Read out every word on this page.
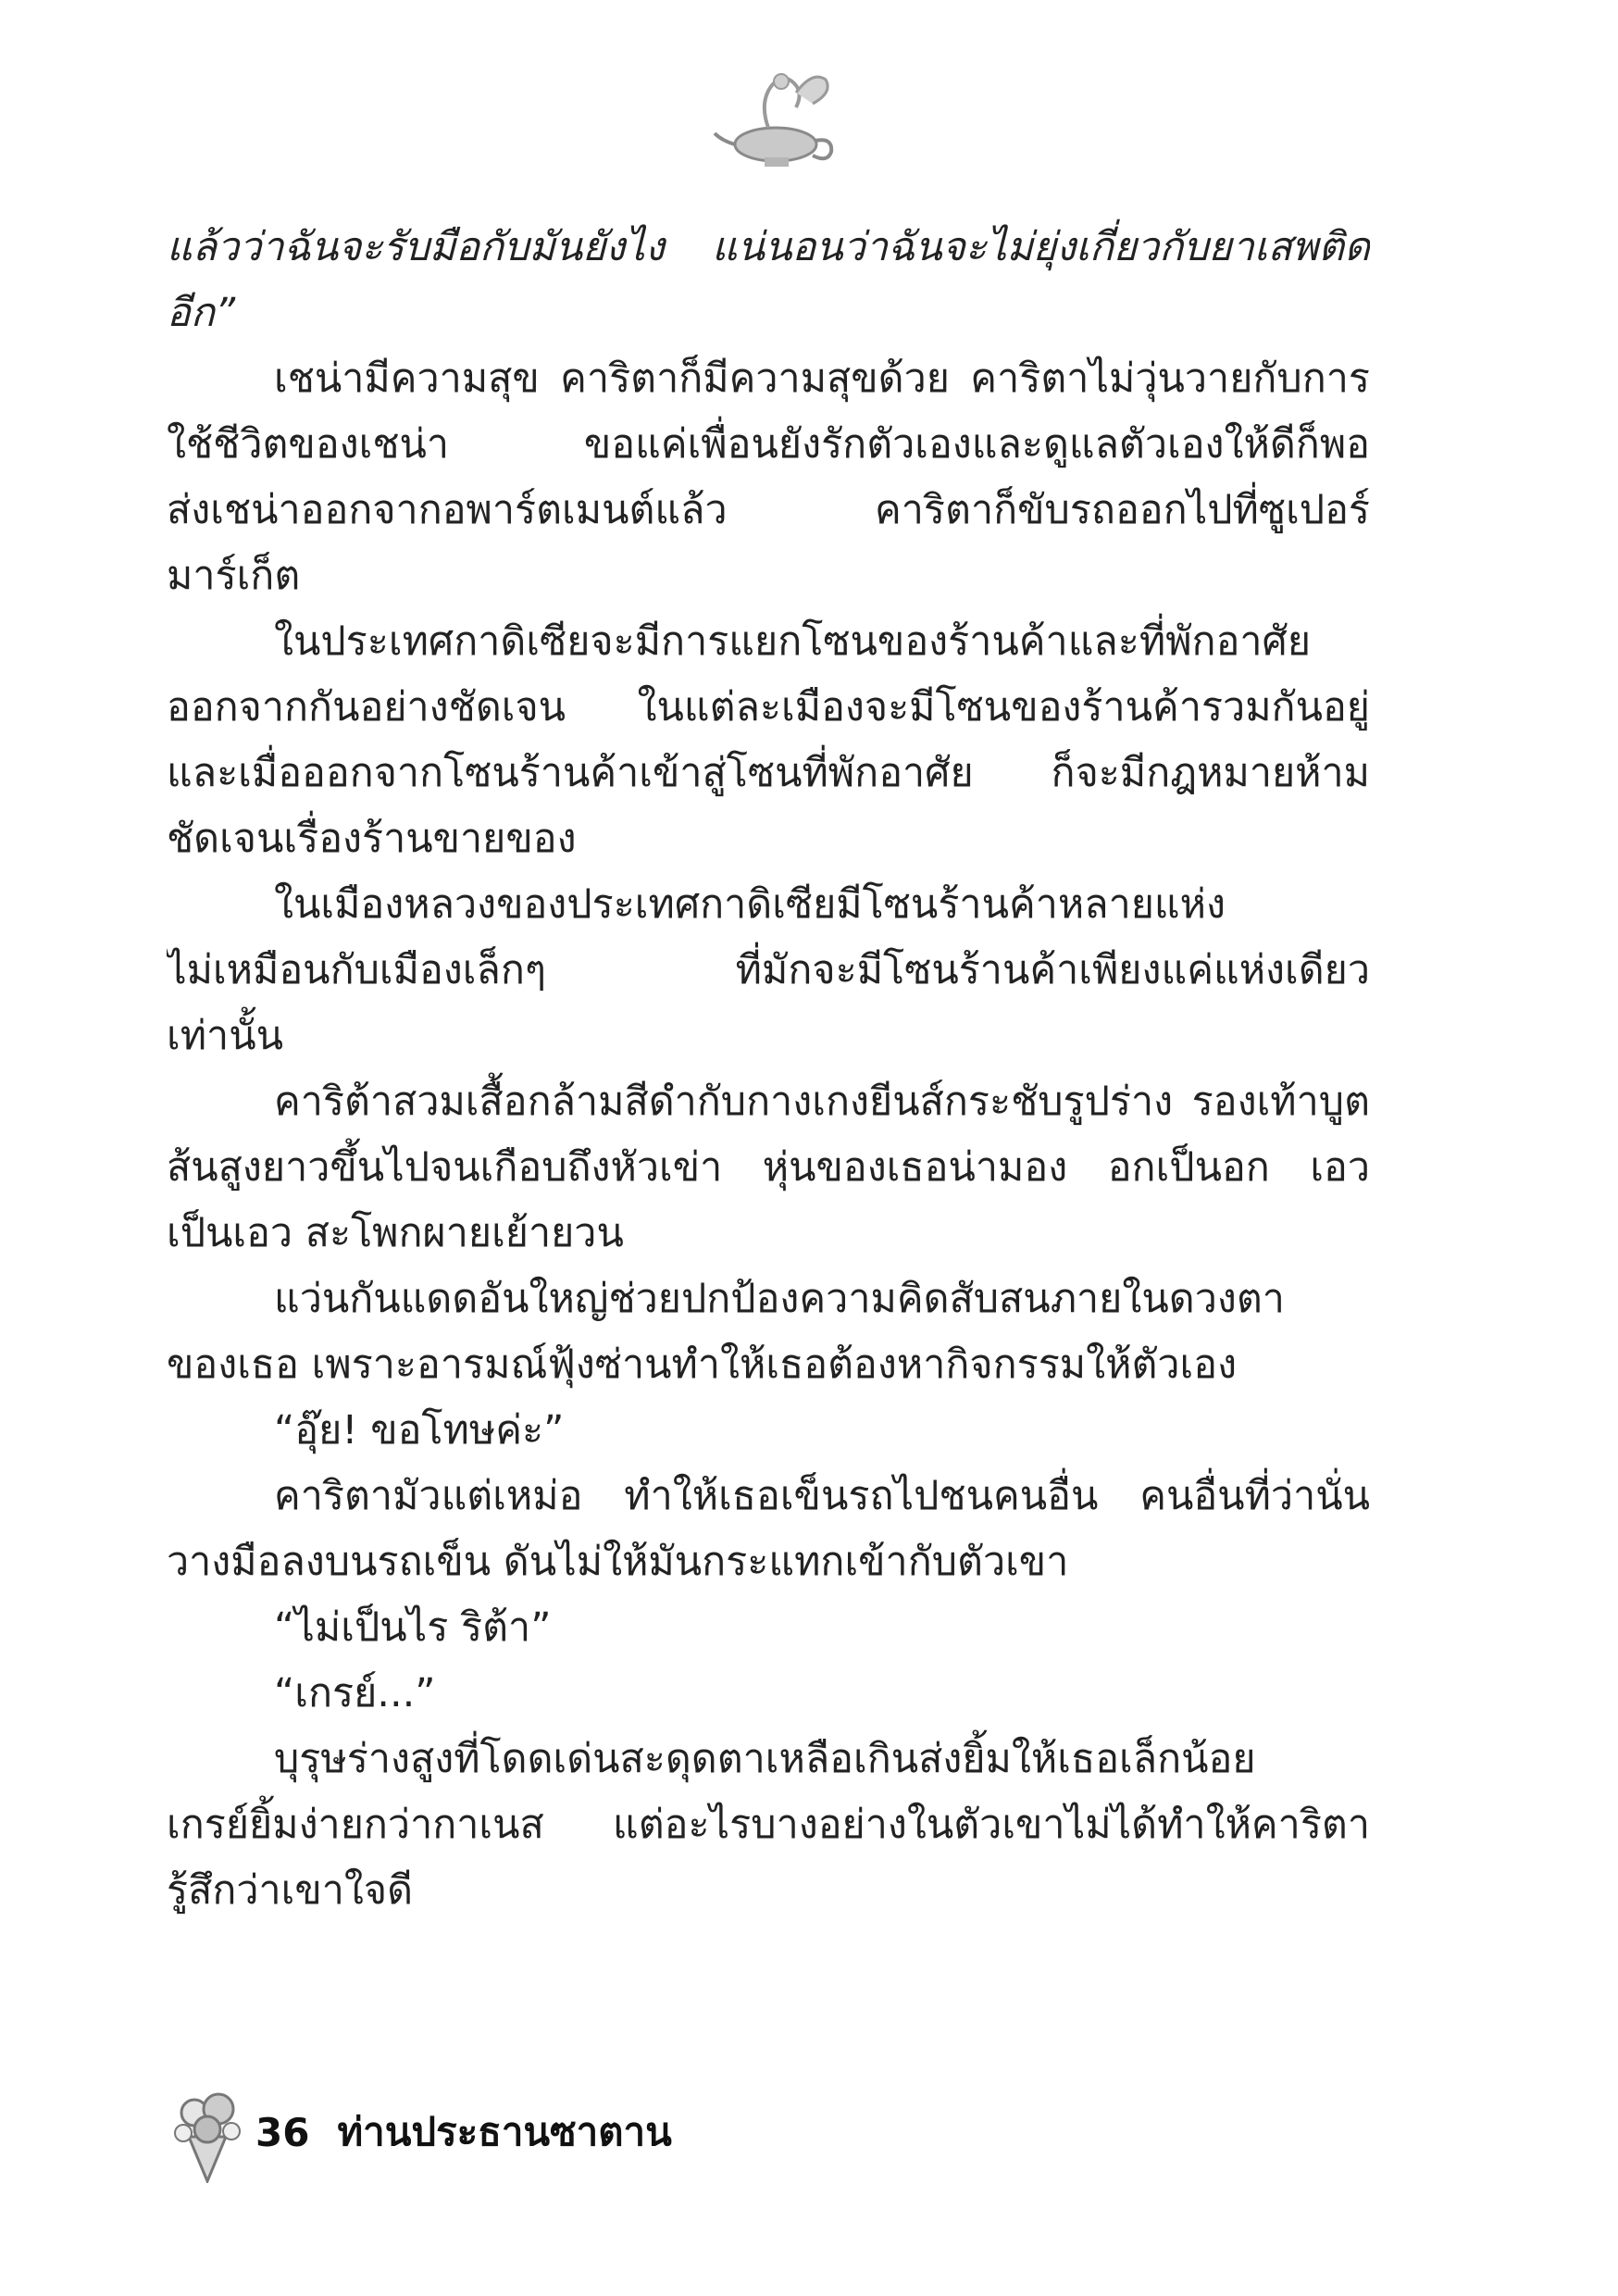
แล้วว่าฉันจะรับมือกับมันยังไง แน่นอนว่าฉันจะไม่ยุ่งเกี่ยวกับยาเสพติด
อีก”
เชน่ามีความสุข คาริตาก็มีความสุขด้วย คาริตาไม่วุ่นวายกับการ
ใช้ชีวิตของเชน่า ขอแค่เพื่อนยังรักตัวเองและดูแลตัวเองให้ดีก็พอ
ส่งเชน่าออกจากอพาร์ตเมนต์แล้ว คาริตาก็ขับรถออกไปที่ซูเปอร์
มาร์เก็ต
ในประเทศกาดิเซียจะมีการแยกโซนของร้านค้าและที่พักอาศัย
ออกจากกันอย่างชัดเจน ในแต่ละเมืองจะมีโซนของร้านค้ารวมกันอยู่
และเมื่อออกจากโซนร้านค้าเข้าสู่โซนที่พักอาศัย ก็จะมีกฎหมายห้าม
ชัดเจนเรื่องร้านขายของ
ในเมืองหลวงของประเทศกาดิเซียมีโซนร้านค้าหลายแห่ง
ไม่เหมือนกับเมืองเล็กๆ ที่มักจะมีโซนร้านค้าเพียงแค่แห่งเดียว
เท่านั้น
คาริต้าสวมเสื้อกล้ามสีดำกับกางเกงยีนส์กระชับรูปร่าง รองเท้าบูต
ส้นสูงยาวขึ้นไปจนเกือบถึงหัวเข่า หุ่นของเธอน่ามอง อกเป็นอก เอว
เป็นเอว สะโพกผายเย้ายวน
แว่นกันแดดอันใหญ่ช่วยปกป้องความคิดสับสนภายในดวงตา
ของเธอ เพราะอารมณ์ฟุ้งซ่านทำให้เธอต้องหากิจกรรมให้ตัวเอง
“อุ๊ย! ขอโทษค่ะ”
คาริตามัวแต่เหม่อ ทำให้เธอเข็นรถไปชนคนอื่น คนอื่นที่ว่านั่น
วางมือลงบนรถเข็น ดันไม่ให้มันกระแทกเข้ากับตัวเขา
“ไม่เป็นไร ริต้า”
“เกรย์...”
บุรุษร่างสูงที่โดดเด่นสะดุดตาเหลือเกินส่งยิ้มให้เธอเล็กน้อย
เกรย์ยิ้มง่ายกว่ากาเนส แต่อะไรบางอย่างในตัวเขาไม่ได้ทำให้คาริตา
รู้สึกว่าเขาใจดี
36 ท่านประธานซาตาน
